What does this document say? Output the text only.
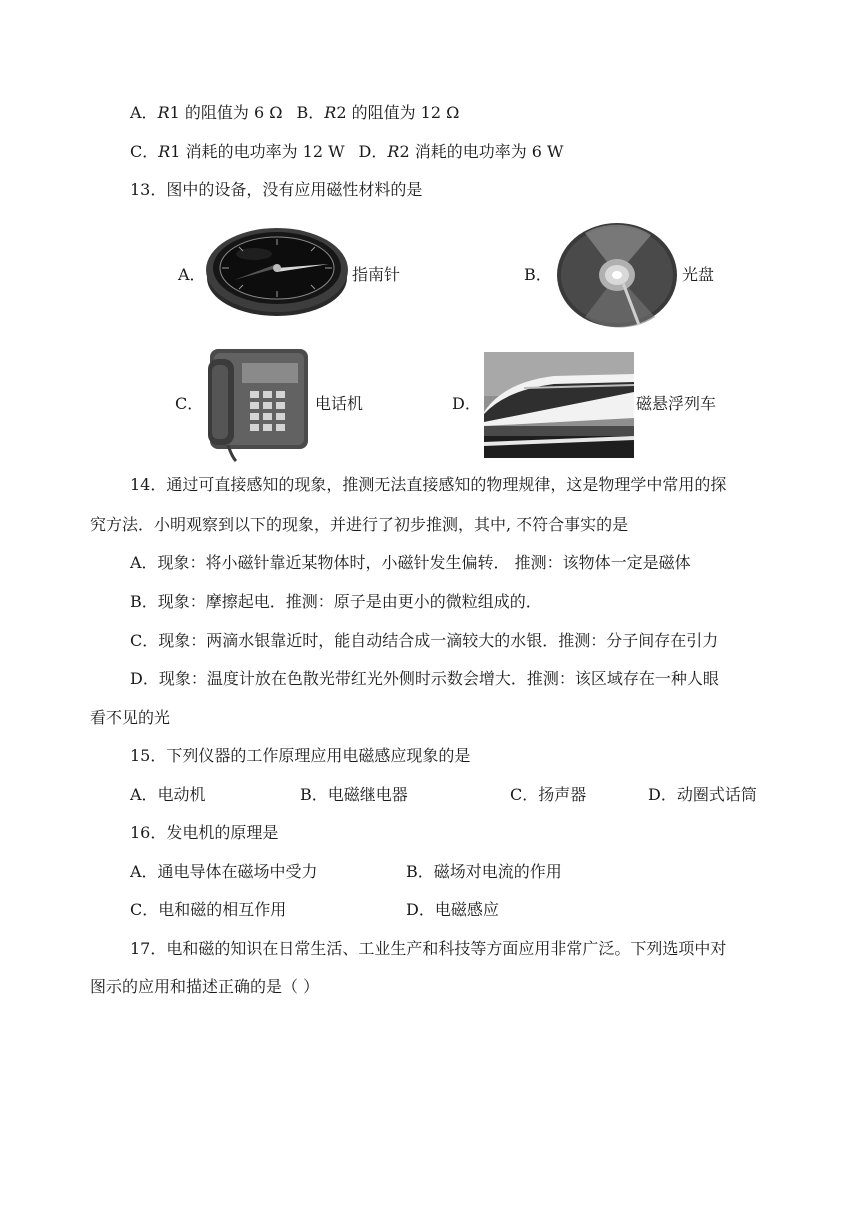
A．R1 的阻值为 6 Ω B．R2 的阻值为 12 Ω
C．R1 消耗的电功率为 12 W D．R2 消耗的电功率为 6 W
13．图中的设备，没有应用磁性材料的是
A．	指南针	B．	光盘
C．	电话机	D．	磁悬浮列车
14．通过可直接感知的现象，推测无法直接感知的物理规律，这是物理学中常用的探
究方法．小明观察到以下的现象，并进行了初步推测，其中, 不符合事实的是
A．现象：将小磁针靠近某物体时，小磁针发生偏转． 推测：该物体一定是磁体
B．现象：摩擦起电．推测：原子是由更小的微粒组成的．
C．现象：两滴水银靠近时，能自动结合成一滴较大的水银．推测：分子间存在引力
D．现象：温度计放在色散光带红光外侧时示数会增大．推测：该区域存在一种人眼
看不见的光
15．下列仪器的工作原理应用电磁感应现象的是
A．电动机	B．电磁继电器	C．扬声器	D．动圈式话筒
16．发电机的原理是
A．通电导体在磁场中受力	B．磁场对电流的作用
C．电和磁的相互作用	D．电磁感应
17．电和磁的知识在日常生活、工业生产和科技等方面应用非常广泛。下列选项中对
图示的应用和描述正确的是（ ）
